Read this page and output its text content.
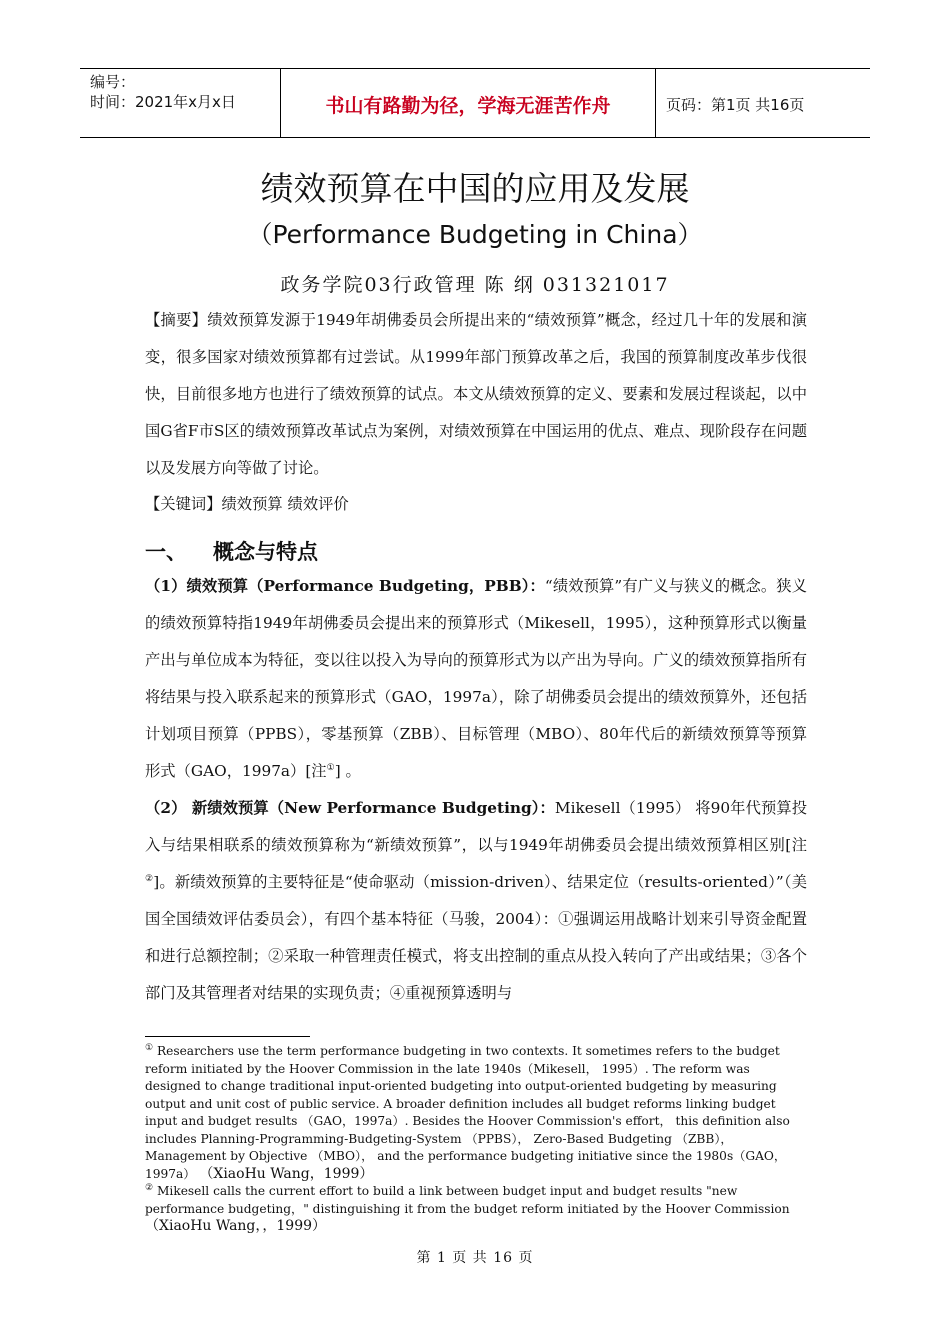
编号：
时间：2021年x月x日	书山有路勤为径，学海无涯苦作舟	页码：第1页 共16页
绩效预算在中国的应用及发展
（Performance Budgeting in China）
政务学院03行政管理 陈 纲 031321017

【摘要】绩效预算发源于1949年胡佛委员会所提出来的“绩效预算”概念，经过几十年的发展和演变，很多国家对绩效预算都有过尝试。从1999年部门预算改革之后，我国的预算制度改革步伐很快，目前很多地方也进行了绩效预算的试点。本文从绩效预算的定义、要素和发展过程谈起，以中国G省F市S区的绩效预算改革试点为案例，对绩效预算在中国运用的优点、难点、现阶段存在问题以及发展方向等做了讨论。

【关键词】绩效预算 绩效评价

一、 概念与特点

（1）绩效预算（Performance Budgeting，PBB）：“绩效预算”有广义与狭义的概念。狭义的绩效预算特指1949年胡佛委员会提出来的预算形式（Mikesell，1995），这种预算形式以衡量产出与单位成本为特征，变以往以投入为导向的预算形式为以产出为导向。广义的绩效预算指所有将结果与投入联系起来的预算形式（GAO，1997a），除了胡佛委员会提出的绩效预算外，还包括计划项目预算（PPBS），零基预算（ZBB）、目标管理（MBO）、80年代后的新绩效预算等预算形式（GAO，1997a）[注①] 。

（2） 新绩效预算（New Performance Budgeting）：Mikesell（1995） 将90年代预算投入与结果相联系的绩效预算称为“新绩效预算”，以与1949年胡佛委员会提出绩效预算相区别[注②]。新绩效预算的主要特征是“使命驱动（mission-driven）、结果定位（results-oriented）”（美国全国绩效评估委员会），有四个基本特征（马骏，2004）：①强调运用战略计划来引导资金配置和进行总额控制；②采取一种管理责任模式，将支出控制的重点从投入转向了产出或结果；③各个部门及其管理者对结果的实现负责；④重视预算透明与

① Researchers use the term performance budgeting in two contexts. It sometimes refers to the budget reform initiated by the Hoover Commission in the late 1940s（Mikesell， 1995）. The reform was designed to change traditional input-oriented budgeting into output-oriented budgeting by measuring output and unit cost of public service. A broader definition includes all budget reforms linking budget input and budget results （GAO，1997a）. Besides the Hoover Commission's effort， this definition also includes Planning-Programming-Budgeting-System （PPBS）， Zero-Based Budgeting （ZBB）， Management by Objective （MBO）， and the performance budgeting initiative since the 1980s（GAO， 1997a） （XiaoHu Wang，1999）

② Mikesell calls the current effort to build a link between budget input and budget results "new performance budgeting，" distinguishing it from the budget reform initiated by the Hoover Commission（XiaoHu Wang，，1999）

第 1 页 共 16 页
